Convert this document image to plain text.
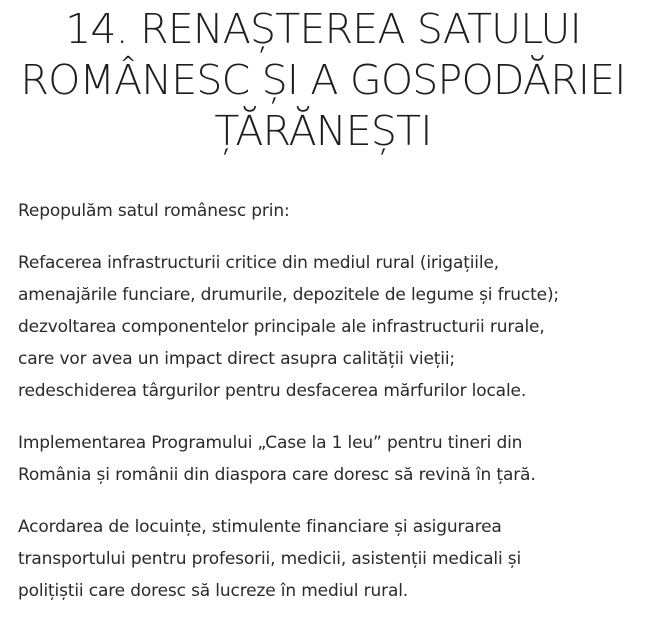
14. RENAȘTEREA SATULUI
ROMÂNESC ȘI A GOSPODĂRIEI
ȚĂRĂNEȘTI

Repopulăm satul românesc prin:

Refacerea infrastructurii critice din mediul rural (irigațiile,
amenajările funciare, drumurile, depozitele de legume și fructe);
dezvoltarea componentelor principale ale infrastructurii rurale,
care vor avea un impact direct asupra calității vieții;
redeschiderea târgurilor pentru desfacerea mărfurilor locale.

Implementarea Programului „Case la 1 leu” pentru tineri din
România și românii din diaspora care doresc să revină în țară.

Acordarea de locuințe, stimulente financiare și asigurarea
transportului pentru profesorii, medicii, asistenții medicali și
polițiștii care doresc să lucreze în mediul rural.
